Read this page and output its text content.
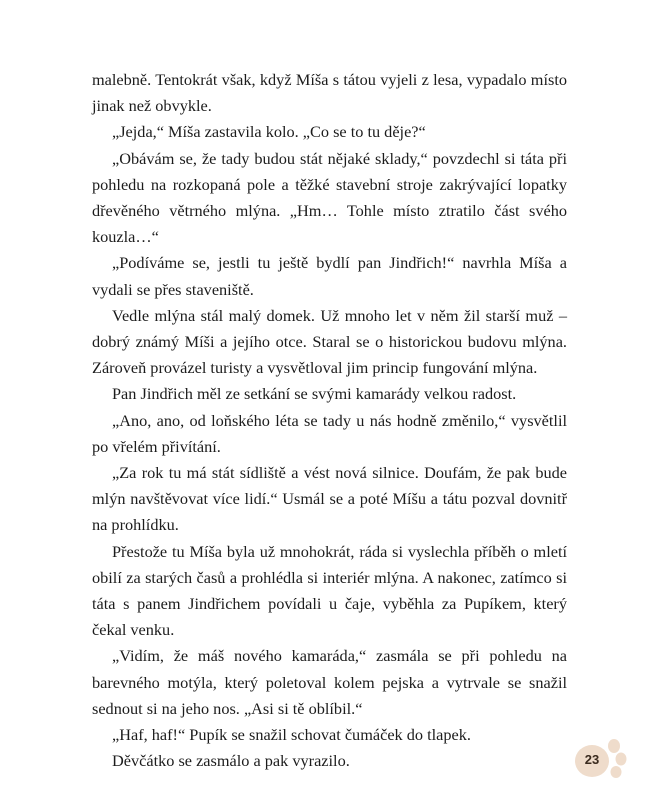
malebně. Tentokrát však, když Míša s tátou vyjeli z lesa, vypadalo místo jinak než obvykle.

„Jejda,“ Míša zastavila kolo. „Co se to tu děje?“

„Obávám se, že tady budou stát nějaké sklady,“ povzdechl si táta při pohledu na rozkopaná pole a těžké stavební stroje zakrývající lopatky dřevěného větrného mlýna. „Hm… Tohle místo ztratilo část svého kouzla…“

„Podíváme se, jestli tu ještě bydlí pan Jindřich!“ navrhla Míša a vydali se přes staveniště.

Vedle mlýna stál malý domek. Už mnoho let v něm žil starší muž – dobrý známý Míši a jejího otce. Staral se o historickou budovu mlýna. Zároveň provázel turisty a vysvětloval jim princip fungování mlýna.

Pan Jindřich měl ze setkání se svými kamarády velkou radost.

„Ano, ano, od loňského léta se tady u nás hodně změnilo,“ vysvětlil po vřelém přivítání.

„Za rok tu má stát sídliště a vést nová silnice. Doufám, že pak bude mlýn navštěvovat více lidí.“ Usmál se a poté Míšu a tátu pozval dovnitř na prohlídku.

Přestože tu Míša byla už mnohokrát, ráda si vyslechla příběh o mletí obilí za starých časů a prohlédla si interiér mlýna. A nakonec, zatímco si táta s panem Jindřichem povídali u čaje, vyběhla za Pupíkem, který čekal venku.

„Vidím, že máš nového kamaráda,“ zasmála se při pohledu na barevného motýla, který poletoval kolem pejska a vytrvale se snažil sednout si na jeho nos. „Asi si tě oblíbil.“

„Haf, haf!“ Pupík se snažil schovat čumáček do tlapek.

Děvčátko se zasmálo a pak vyrazilo.	23
